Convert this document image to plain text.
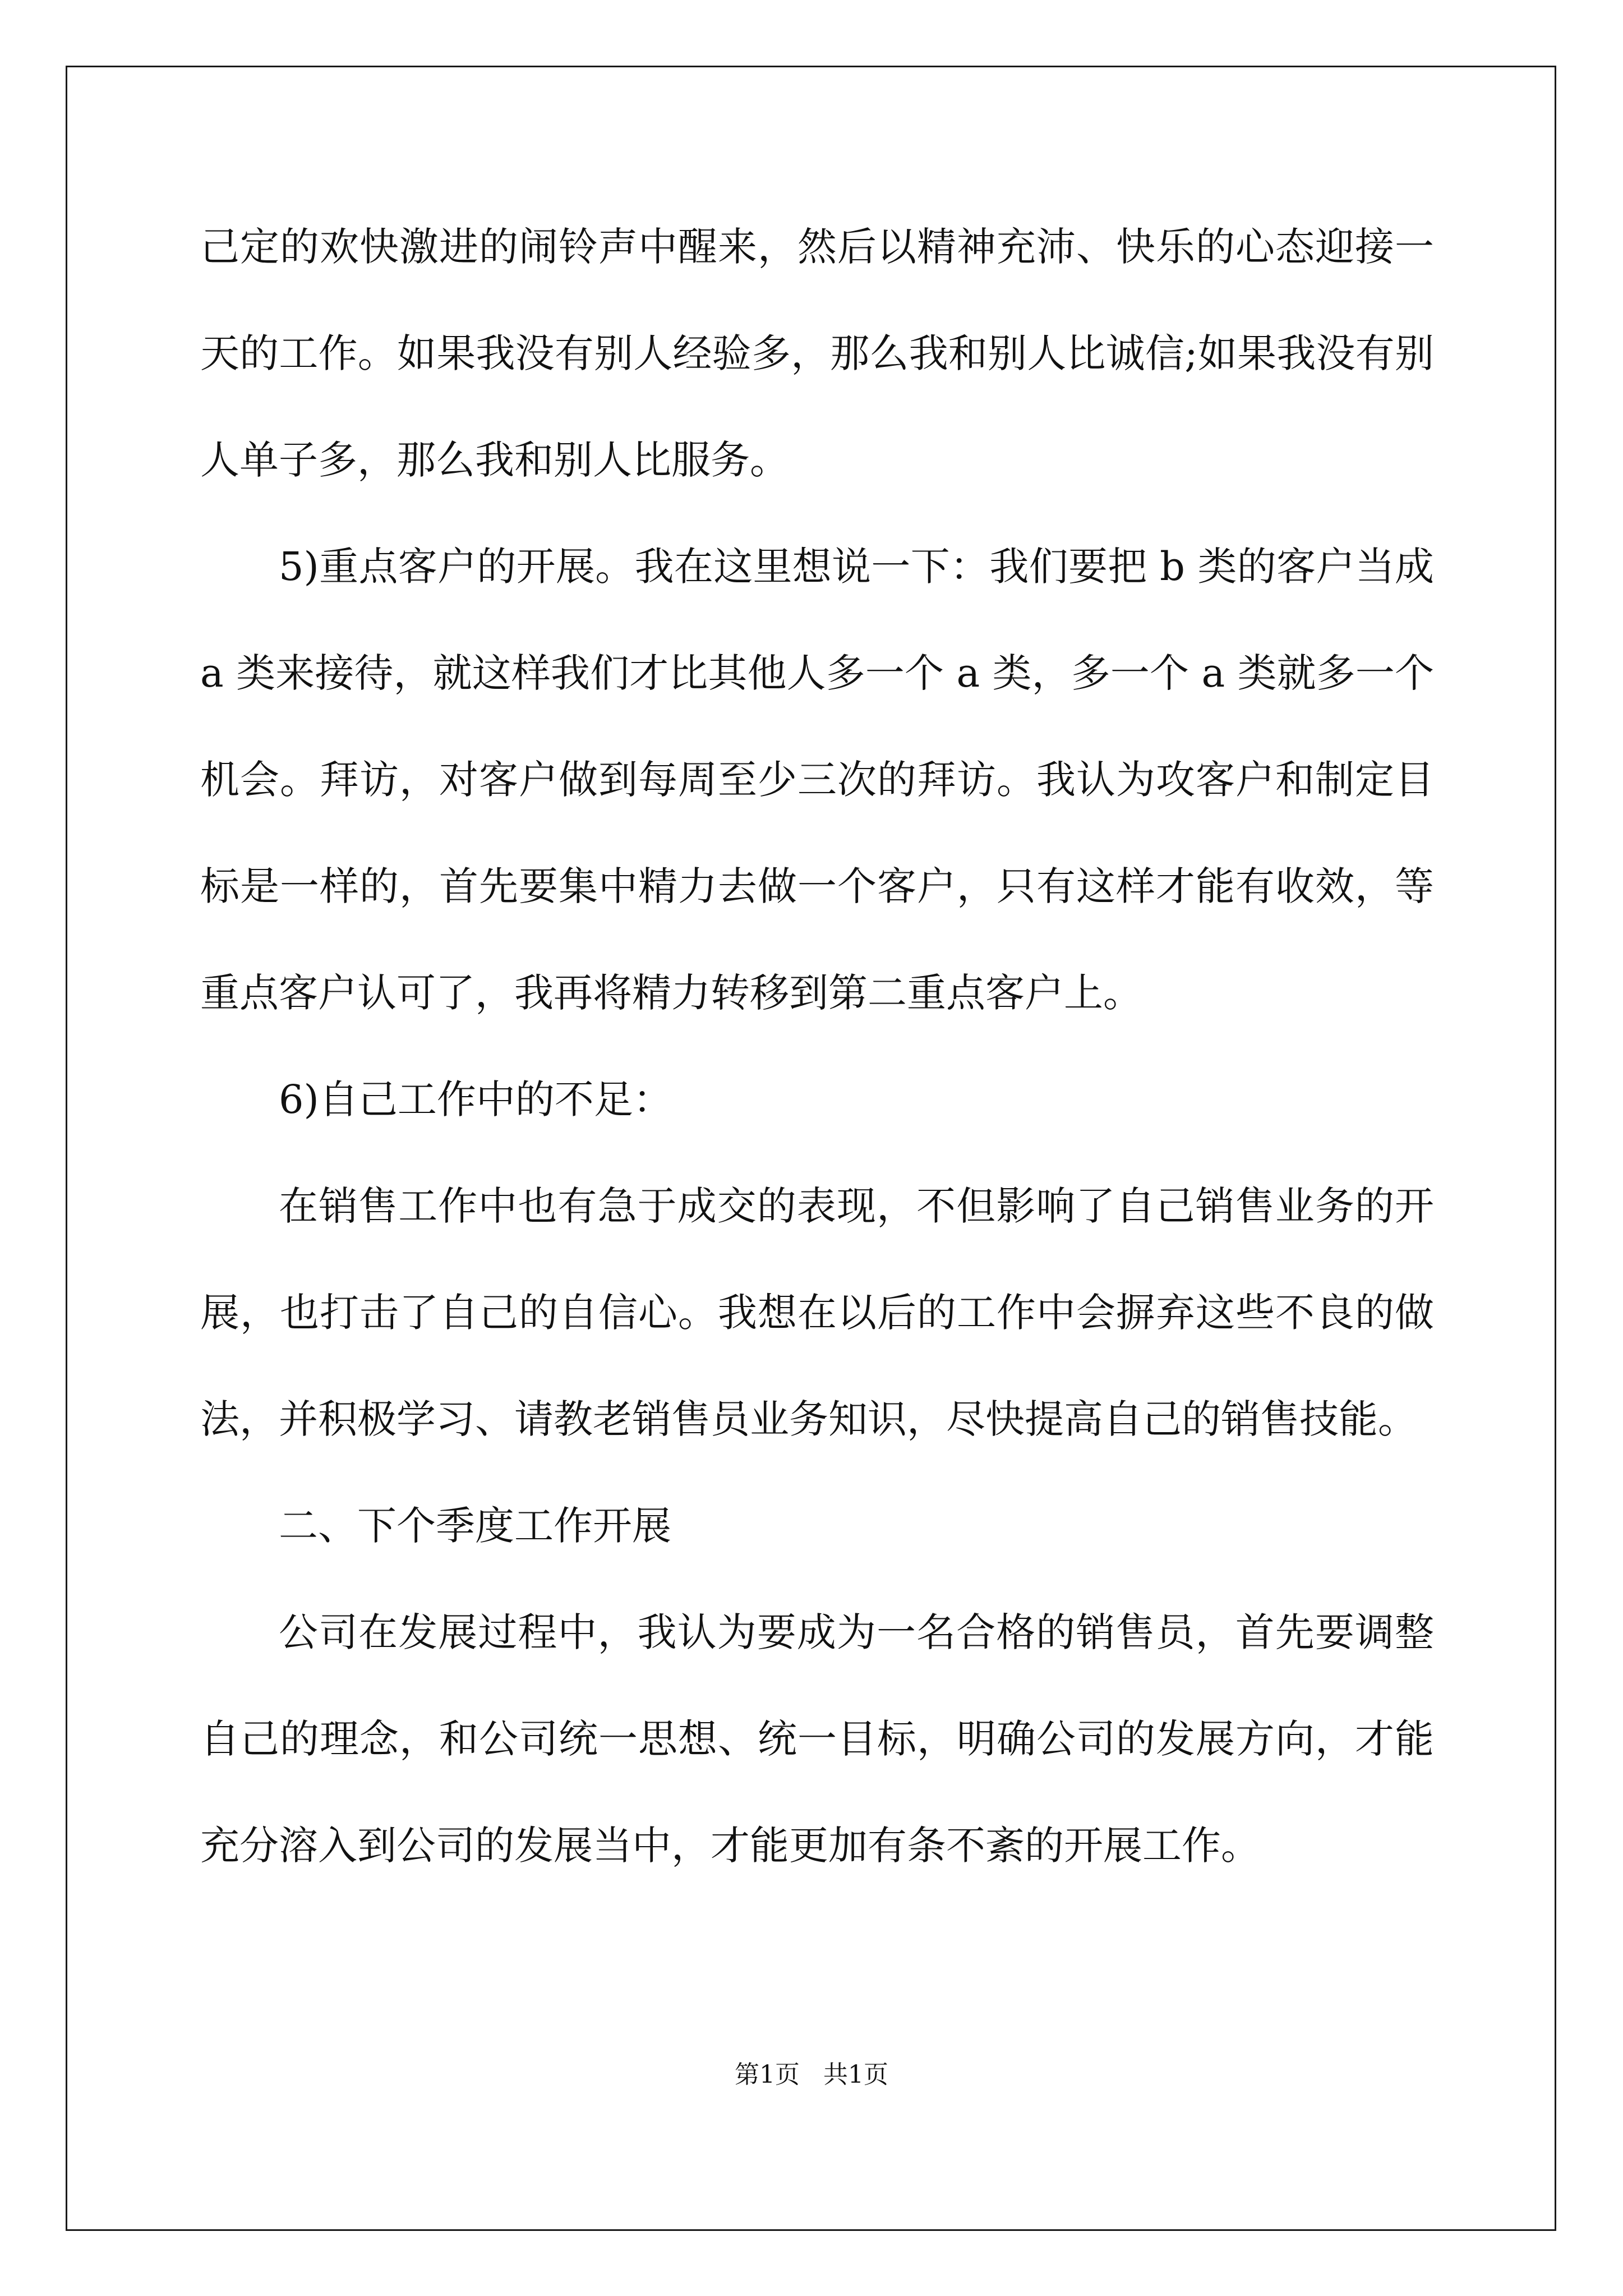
己定的欢快激进的闹铃声中醒来，然后以精神充沛、快乐的心态迎接一天的工作。如果我没有别人经验多，那么我和别人比诚信;如果我没有别人单子多，那么我和别人比服务。

5)重点客户的开展。我在这里想说一下：我们要把 b 类的客户当成 a 类来接待，就这样我们才比其他人多一个 a 类，多一个 a 类就多一个机会。拜访，对客户做到每周至少三次的拜访。我认为攻客户和制定目标是一样的，首先要集中精力去做一个客户，只有这样才能有收效，等重点客户认可了，我再将精力转移到第二重点客户上。

6)自己工作中的不足：

在销售工作中也有急于成交的表现，不但影响了自己销售业务的开展，也打击了自己的自信心。我想在以后的工作中会摒弃这些不良的做法，并积极学习、请教老销售员业务知识，尽快提高自己的销售技能。

二、下个季度工作开展

公司在发展过程中，我认为要成为一名合格的销售员，首先要调整自己的理念，和公司统一思想、统一目标，明确公司的发展方向，才能充分溶入到公司的发展当中，才能更加有条不紊的开展工作。

第1页 共1页
